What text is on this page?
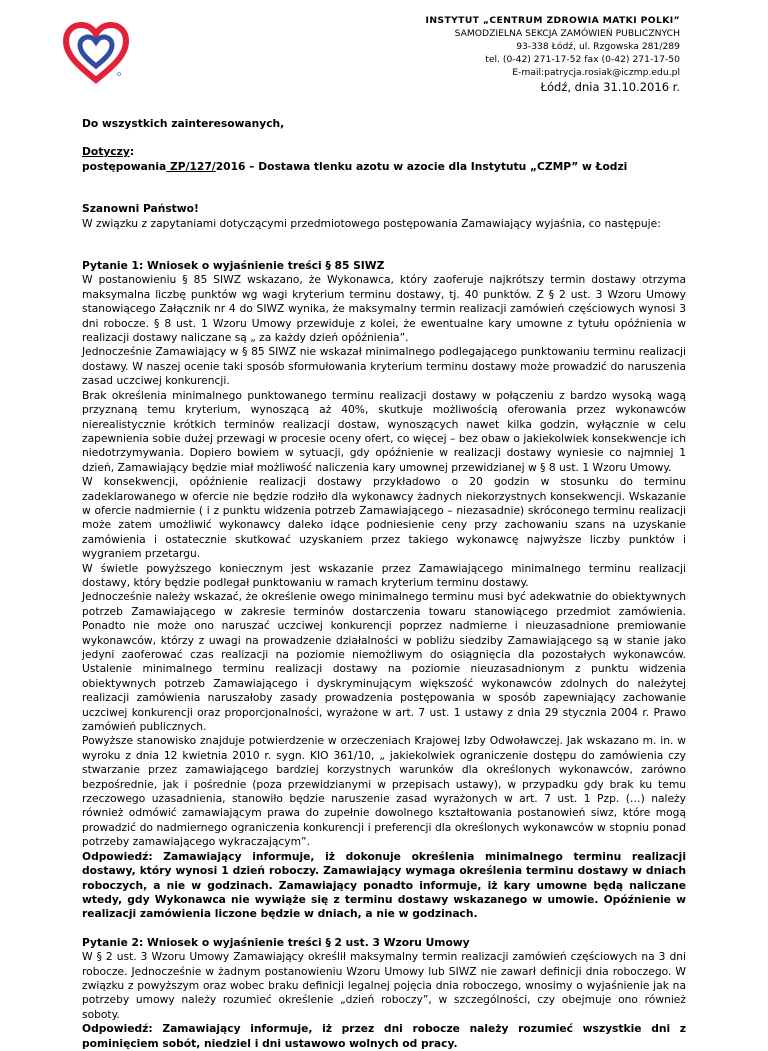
INSTYTUT „CENTRUM ZDROWIA MATKI POLKI”
SAMODZIELNA SEKCJA ZAMÓWIEŃ PUBLICZNYCH
93-338 Łódź, ul. Rzgowska 281/289
tel. (0-42) 271-17-52 fax (0-42) 271-17-50
E-mail:patrycja.rosiak@iczmp.edu.pl
Łódź, dnia 31.10.2016 r.

Do wszystkich zainteresowanych,

Dotyczy:

postępowania ZP/127/2016 – Dostawa tlenku azotu w azocie dla Instytutu „CZMP” w Łodzi

Szanowni Państwo!

W związku z zapytaniami dotyczącymi przedmiotowego postępowania Zamawiający wyjaśnia, co następuje:

Pytanie 1: Wniosek o wyjaśnienie treści § 85 SIWZ

W postanowieniu § 85 SIWZ wskazano, że Wykonawca, który zaoferuje najkrótszy termin dostawy otrzyma maksymalna liczbę punktów wg wagi kryterium terminu dostawy, tj. 40 punktów. Z § 2 ust. 3 Wzoru Umowy stanowiącego Załącznik nr 4 do SIWZ wynika, że maksymalny termin realizacji zamówień częściowych wynosi 3 dni robocze. § 8 ust. 1 Wzoru Umowy przewiduje z kolei, że ewentualne kary umowne z tytułu opóźnienia w realizacji dostawy naliczane są „ za każdy dzień opóźnienia”.

Jednocześnie Zamawiający w § 85 SIWZ nie wskazał minimalnego podlegającego punktowaniu terminu realizacji dostawy. W naszej ocenie taki sposób sformułowania kryterium terminu dostawy może prowadzić do naruszenia zasad uczciwej konkurencji.

Brak określenia minimalnego punktowanego terminu realizacji dostawy w połączeniu z bardzo wysoką wagą przyznaną temu kryterium, wynoszącą aż 40%, skutkuje możliwością oferowania przez wykonawców nierealistycznie krótkich terminów realizacji dostaw, wynoszących nawet kilka godzin, wyłącznie w celu zapewnienia sobie dużej przewagi w procesie oceny ofert, co więcej – bez obaw o jakiekolwiek konsekwencje ich niedotrzymywania. Dopiero bowiem w sytuacji, gdy opóźnienie w realizacji dostawy wyniesie co najmniej 1 dzień, Zamawiający będzie miał możliwość naliczenia kary umownej przewidzianej w § 8 ust. 1 Wzoru Umowy.

W konsekwencji, opóźnienie realizacji dostawy przykładowo o 20 godzin w stosunku do terminu zadeklarowanego w ofercie nie będzie rodziło dla wykonawcy żadnych niekorzystnych konsekwencji. Wskazanie w ofercie nadmiernie ( i z punktu widzenia potrzeb Zamawiającego – niezasadnie) skróconego terminu realizacji może zatem umożliwić wykonawcy daleko idące podniesienie ceny przy zachowaniu szans na uzyskanie zamówienia i ostatecznie skutkować uzyskaniem przez takiego wykonawcę najwyższe liczby punktów i wygraniem przetargu.

W świetle powyższego koniecznym jest wskazanie przez Zamawiającego minimalnego terminu realizacji dostawy, który będzie podlegał punktowaniu w ramach kryterium terminu dostawy.

Jednocześnie należy wskazać, że określenie owego minimalnego terminu musi być adekwatnie do obiektywnych potrzeb Zamawiającego w zakresie terminów dostarczenia towaru stanowiącego przedmiot zamówienia. Ponadto nie może ono naruszać uczciwej konkurencji poprzez nadmierne i nieuzasadnione premiowanie wykonawców, którzy z uwagi na prowadzenie działalności w pobliżu siedziby Zamawiającego są w stanie jako jedyni zaoferować czas realizacji na poziomie niemożliwym do osiągnięcia dla pozostałych wykonawców. Ustalenie minimalnego terminu realizacji dostawy na poziomie nieuzasadnionym z punktu widzenia obiektywnych potrzeb Zamawiającego i dyskryminującym większość wykonawców zdolnych do należytej realizacji zamówienia naruszałoby zasady prowadzenia postępowania w sposób zapewniający zachowanie uczciwej konkurencji oraz proporcjonalności, wyrażone w art. 7 ust. 1 ustawy z dnia 29 stycznia 2004 r. Prawo zamówień publicznych.

Powyższe stanowisko znajduje potwierdzenie w orzeczeniach Krajowej Izby Odwoławczej. Jak wskazano m. in. w wyroku z dnia 12 kwietnia 2010 r. sygn. KIO 361/10, „ jakiekolwiek ograniczenie dostępu do zamówienia czy stwarzanie przez zamawiającego bardziej korzystnych warunków dla określonych wykonawców, zarówno bezpośrednie, jak i pośrednie (poza przewidzianymi w przepisach ustawy), w przypadku gdy brak ku temu rzeczowego uzasadnienia, stanowiło będzie naruszenie zasad wyrażonych w art. 7 ust. 1 Pzp. (…) należy również odmówić zamawiającym prawa do zupełnie dowolnego kształtowania postanowień siwz, które mogą prowadzić do nadmiernego ograniczenia konkurencji i preferencji dla określonych wykonawców w stopniu ponad potrzeby zamawiającego wykraczającym”.

Odpowiedź: Zamawiający informuje, iż dokonuje określenia minimalnego terminu realizacji dostawy, który wynosi 1 dzień roboczy. Zamawiający wymaga określenia terminu dostawy w dniach roboczych, a nie w godzinach. Zamawiający ponadto informuje, iż kary umowne będą naliczane wtedy, gdy Wykonawca nie wywiąże się z terminu dostawy wskazanego w umowie. Opóźnienie w realizacji zamówienia liczone będzie w dniach, a nie w godzinach.

Pytanie 2: Wniosek o wyjaśnienie treści § 2 ust. 3 Wzoru Umowy

W § 2 ust. 3 Wzoru Umowy Zamawiający określił maksymalny termin realizacji zamówień częściowych na 3 dni robocze. Jednocześnie w żadnym postanowieniu Wzoru Umowy lub SIWZ nie zawarł definicji dnia roboczego. W związku z powyższym oraz wobec braku definicji legalnej pojęcia dnia roboczego, wnosimy o wyjaśnienie jak na potrzeby umowy należy rozumieć określenie „dzień roboczy”, w szczególności, czy obejmuje ono również soboty.

Odpowiedź: Zamawiający informuje, iż przez dni robocze należy rozumieć wszystkie dni z pominięciem sobót, niedziel i dni ustawowo wolnych od pracy.
